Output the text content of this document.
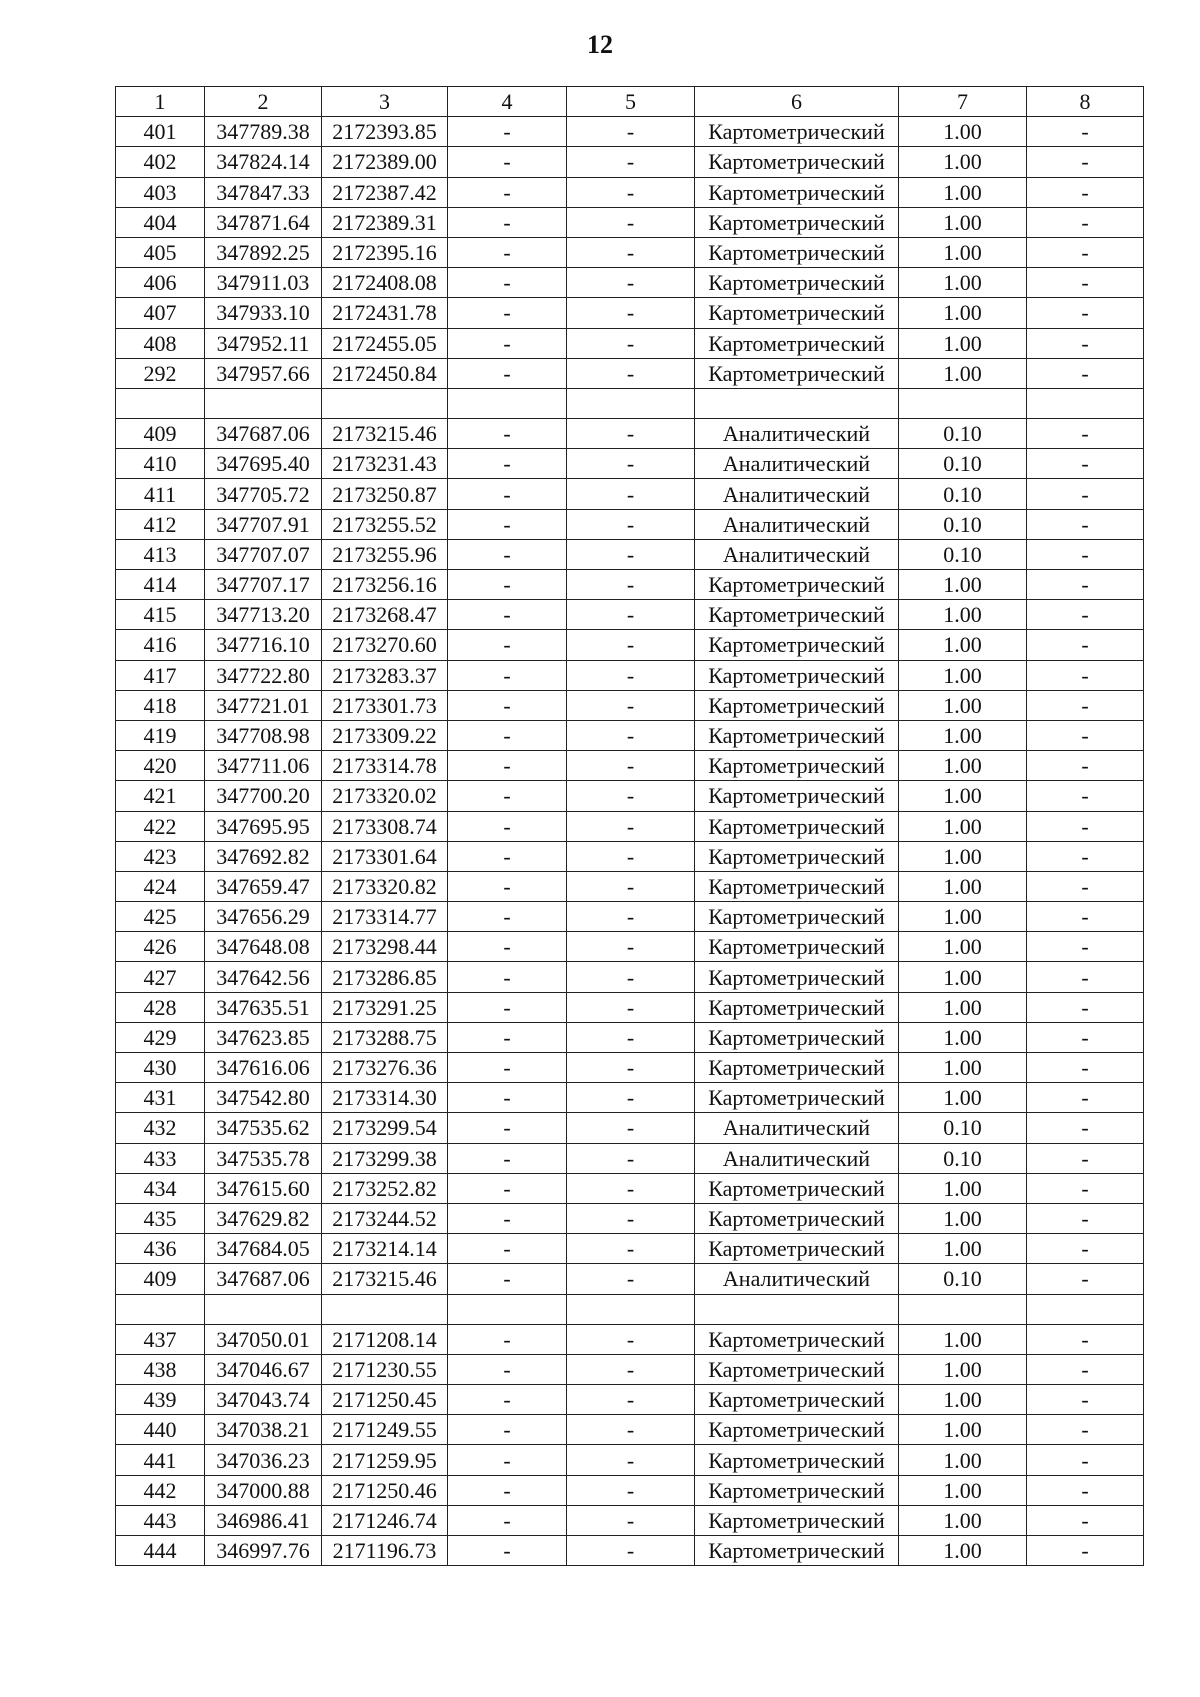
12
1	2	3	4	5	6	7	8
401	347789.38	2172393.85	-	-	Картометрический	1.00	-
402	347824.14	2172389.00	-	-	Картометрический	1.00	-
403	347847.33	2172387.42	-	-	Картометрический	1.00	-
404	347871.64	2172389.31	-	-	Картометрический	1.00	-
405	347892.25	2172395.16	-	-	Картометрический	1.00	-
406	347911.03	2172408.08	-	-	Картометрический	1.00	-
407	347933.10	2172431.78	-	-	Картометрический	1.00	-
408	347952.11	2172455.05	-	-	Картометрический	1.00	-
292	347957.66	2172450.84	-	-	Картометрический	1.00	-

409	347687.06	2173215.46	-	-	Аналитический	0.10	-
410	347695.40	2173231.43	-	-	Аналитический	0.10	-
411	347705.72	2173250.87	-	-	Аналитический	0.10	-
412	347707.91	2173255.52	-	-	Аналитический	0.10	-
413	347707.07	2173255.96	-	-	Аналитический	0.10	-
414	347707.17	2173256.16	-	-	Картометрический	1.00	-
415	347713.20	2173268.47	-	-	Картометрический	1.00	-
416	347716.10	2173270.60	-	-	Картометрический	1.00	-
417	347722.80	2173283.37	-	-	Картометрический	1.00	-
418	347721.01	2173301.73	-	-	Картометрический	1.00	-
419	347708.98	2173309.22	-	-	Картометрический	1.00	-
420	347711.06	2173314.78	-	-	Картометрический	1.00	-
421	347700.20	2173320.02	-	-	Картометрический	1.00	-
422	347695.95	2173308.74	-	-	Картометрический	1.00	-
423	347692.82	2173301.64	-	-	Картометрический	1.00	-
424	347659.47	2173320.82	-	-	Картометрический	1.00	-
425	347656.29	2173314.77	-	-	Картометрический	1.00	-
426	347648.08	2173298.44	-	-	Картометрический	1.00	-
427	347642.56	2173286.85	-	-	Картометрический	1.00	-
428	347635.51	2173291.25	-	-	Картометрический	1.00	-
429	347623.85	2173288.75	-	-	Картометрический	1.00	-
430	347616.06	2173276.36	-	-	Картометрический	1.00	-
431	347542.80	2173314.30	-	-	Картометрический	1.00	-
432	347535.62	2173299.54	-	-	Аналитический	0.10	-
433	347535.78	2173299.38	-	-	Аналитический	0.10	-
434	347615.60	2173252.82	-	-	Картометрический	1.00	-
435	347629.82	2173244.52	-	-	Картометрический	1.00	-
436	347684.05	2173214.14	-	-	Картометрический	1.00	-
409	347687.06	2173215.46	-	-	Аналитический	0.10	-

437	347050.01	2171208.14	-	-	Картометрический	1.00	-
438	347046.67	2171230.55	-	-	Картометрический	1.00	-
439	347043.74	2171250.45	-	-	Картометрический	1.00	-
440	347038.21	2171249.55	-	-	Картометрический	1.00	-
441	347036.23	2171259.95	-	-	Картометрический	1.00	-
442	347000.88	2171250.46	-	-	Картометрический	1.00	-
443	346986.41	2171246.74	-	-	Картометрический	1.00	-
444	346997.76	2171196.73	-	-	Картометрический	1.00	-
